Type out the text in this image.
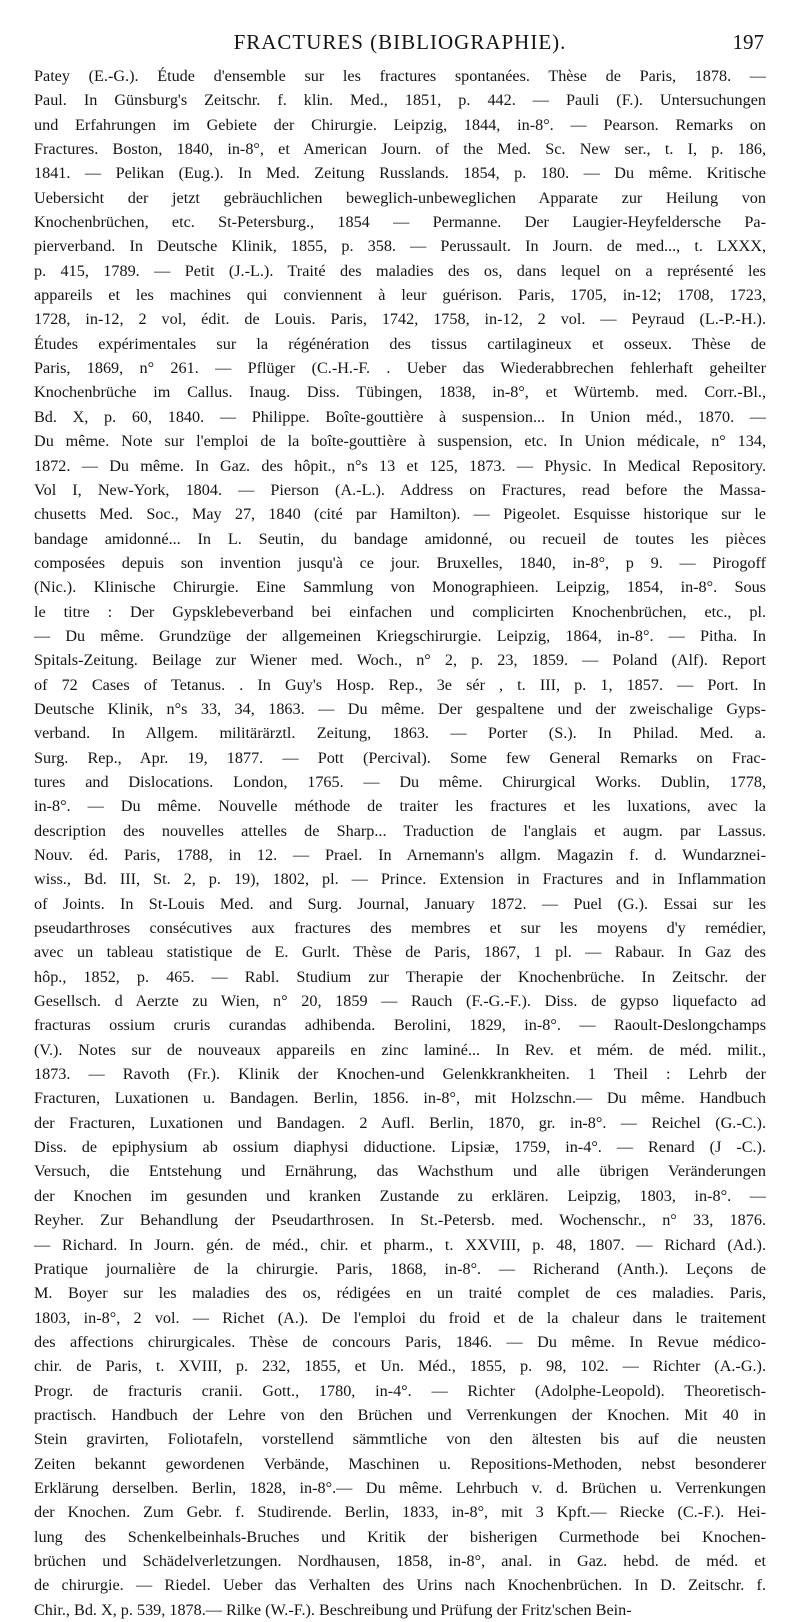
FRACTURES (BIBLIOGRAPHIE).	197
Patey (E.-G.). Étude d'ensemble sur les fractures spontanées. Thèse de Paris, 1878. —
Paul. In Günsburg's Zeitschr. f. klin. Med., 1851, p. 442. — Pauli (F.). Untersuchungen
und Erfahrungen im Gebiete der Chirurgie. Leipzig, 1844, in-8°. — Pearson. Remarks on
Fractures. Boston, 1840, in-8°, et American Journ. of the Med. Sc. New ser., t. I, p. 186,
1841. — Pelikan (Eug.). In Med. Zeitung Russlands. 1854, p. 180. — Du même. Kritische
Uebersicht der jetzt gebräuchlichen beweglich-unbeweglichen Apparate zur Heilung von
Knochenbrüchen, etc. St-Petersburg., 1854 — Permanne. Der Laugier-Heyfeldersche Pa-
pierverband. In Deutsche Klinik, 1855, p. 358. — Perussault. In Journ. de med..., t. LXXX,
p. 415, 1789. — Petit (J.-L.). Traité des maladies des os, dans lequel on a représenté les
appareils et les machines qui conviennent à leur guérison. Paris, 1705, in-12; 1708, 1723,
1728, in-12, 2 vol, édit. de Louis. Paris, 1742, 1758, in-12, 2 vol. — Peyraud (L.-P.-H.).
Études expérimentales sur la régénération des tissus cartilagineux et osseux. Thèse de
Paris, 1869, n° 261. — Pflüger (C.-H.-F. . Ueber das Wiederabbrechen fehlerhaft geheilter
Knochenbrüche im Callus. Inaug. Diss. Tübingen, 1838, in-8°, et Würtemb. med. Corr.-Bl.,
Bd. X, p. 60, 1840. — Philippe. Boîte-gouttière à suspension... In Union méd., 1870. —
Du même. Note sur l'emploi de la boîte-gouttière à suspension, etc. In Union médicale, n° 134,
1872. — Du même. In Gaz. des hôpit., n°s 13 et 125, 1873. — Physic. In Medical Repository.
Vol I, New-York, 1804. — Pierson (A.-L.). Address on Fractures, read before the Massa-
chusetts Med. Soc., May 27, 1840 (cité par Hamilton). — Pigeolet. Esquisse historique sur le
bandage amidonné... In L. Seutin, du bandage amidonné, ou recueil de toutes les pièces
composées depuis son invention jusqu'à ce jour. Bruxelles, 1840, in-8°, p 9. — Pirogoff
(Nic.). Klinische Chirurgie. Eine Sammlung von Monographieen. Leipzig, 1854, in-8°. Sous
le titre : Der Gypsklebeverband bei einfachen und complicirten Knochenbrüchen, etc., pl.
— Du même. Grundzüge der allgemeinen Kriegschirurgie. Leipzig, 1864, in-8°. — Pitha. In
Spitals-Zeitung. Beilage zur Wiener med. Woch., n° 2, p. 23, 1859. — Poland (Alf). Report
of 72 Cases of Tetanus. . In Guy's Hosp. Rep., 3e sér , t. III, p. 1, 1857. — Port. In
Deutsche Klinik, n°s 33, 34, 1863. — Du même. Der gespaltene und der zweischalige Gyps-
verband. In Allgem. militärärztl. Zeitung, 1863. — Porter (S.). In Philad. Med. a.
Surg. Rep., Apr. 19, 1877. — Pott (Percival). Some few General Remarks on Frac-
tures and Dislocations. London, 1765. — Du même. Chirurgical Works. Dublin, 1778,
in-8°. — Du même. Nouvelle méthode de traiter les fractures et les luxations, avec la
description des nouvelles attelles de Sharp... Traduction de l'anglais et augm. par Lassus.
Nouv. éd. Paris, 1788, in 12. — Prael. In Arnemann's allgm. Magazin f. d. Wundarznei-
wiss., Bd. III, St. 2, p. 19), 1802, pl. — Prince. Extension in Fractures and in Inflammation
of Joints. In St-Louis Med. and Surg. Journal, January 1872. — Puel (G.). Essai sur les
pseudarthroses consécutives aux fractures des membres et sur les moyens d'y remédier,
avec un tableau statistique de E. Gurlt. Thèse de Paris, 1867, 1 pl. — Rabaur. In Gaz des
hôp., 1852, p. 465. — Rabl. Studium zur Therapie der Knochenbrüche. In Zeitschr. der
Gesellsch. d Aerzte zu Wien, n° 20, 1859 — Rauch (F.-G.-F.). Diss. de gypso liquefacto ad
fracturas ossium cruris curandas adhibenda. Berolini, 1829, in-8°. — Raoult-Deslongchamps
(V.). Notes sur de nouveaux appareils en zinc laminé... In Rev. et mém. de méd. milit.,
1873. — Ravoth (Fr.). Klinik der Knochen-und Gelenkkrankheiten. 1 Theil : Lehrb der
Fracturen, Luxationen u. Bandagen. Berlin, 1856. in-8°, mit Holzschn.— Du même. Handbuch
der Fracturen, Luxationen und Bandagen. 2 Aufl. Berlin, 1870, gr. in-8°. — Reichel (G.-C.).
Diss. de epiphysium ab ossium diaphysi diductione. Lipsiæ, 1759, in-4°. — Renard (J -C.).
Versuch, die Entstehung und Ernährung, das Wachsthum und alle übrigen Veränderungen
der Knochen im gesunden und kranken Zustande zu erklären. Leipzig, 1803, in-8°. —
Reyher. Zur Behandlung der Pseudarthrosen. In St.-Petersb. med. Wochenschr., n° 33, 1876.
— Richard. In Journ. gén. de méd., chir. et pharm., t. XXVIII, p. 48, 1807. — Richard (Ad.).
Pratique journalière de la chirurgie. Paris, 1868, in-8°. — Richerand (Anth.). Leçons de
M. Boyer sur les maladies des os, rédigées en un traité complet de ces maladies. Paris,
1803, in-8°, 2 vol. — Richet (A.). De l'emploi du froid et de la chaleur dans le traitement
des affections chirurgicales. Thèse de concours Paris, 1846. — Du même. In Revue médico-
chir. de Paris, t. XVIII, p. 232, 1855, et Un. Méd., 1855, p. 98, 102. — Richter (A.-G.).
Progr. de fracturis cranii. Gott., 1780, in-4°. — Richter (Adolphe-Leopold). Theoretisch-
practisch. Handbuch der Lehre von den Brüchen und Verrenkungen der Knochen. Mit 40 in
Stein gravirten, Foliotafeln, vorstellend sämmtliche von den ältesten bis auf die neusten
Zeiten bekannt gewordenen Verbände, Maschinen u. Repositions-Methoden, nebst besonderer
Erklärung derselben. Berlin, 1828, in-8°.— Du même. Lehrbuch v. d. Brüchen u. Verrenkungen
der Knochen. Zum Gebr. f. Studirende. Berlin, 1833, in-8°, mit 3 Kpft.— Riecke (C.-F.). Hei-
lung des Schenkelbeinhals-Bruches und Kritik der bisherigen Curmethode bei Knochen-
brüchen und Schädelverletzungen. Nordhausen, 1858, in-8°, anal. in Gaz. hebd. de méd. et
de chirurgie. — Riedel. Ueber das Verhalten des Urins nach Knochenbrüchen. In D. Zeitschr. f.
Chir., Bd. X, p. 539, 1878.— Rilke (W.-F.). Beschreibung und Prüfung der Fritz'schen Bein-
